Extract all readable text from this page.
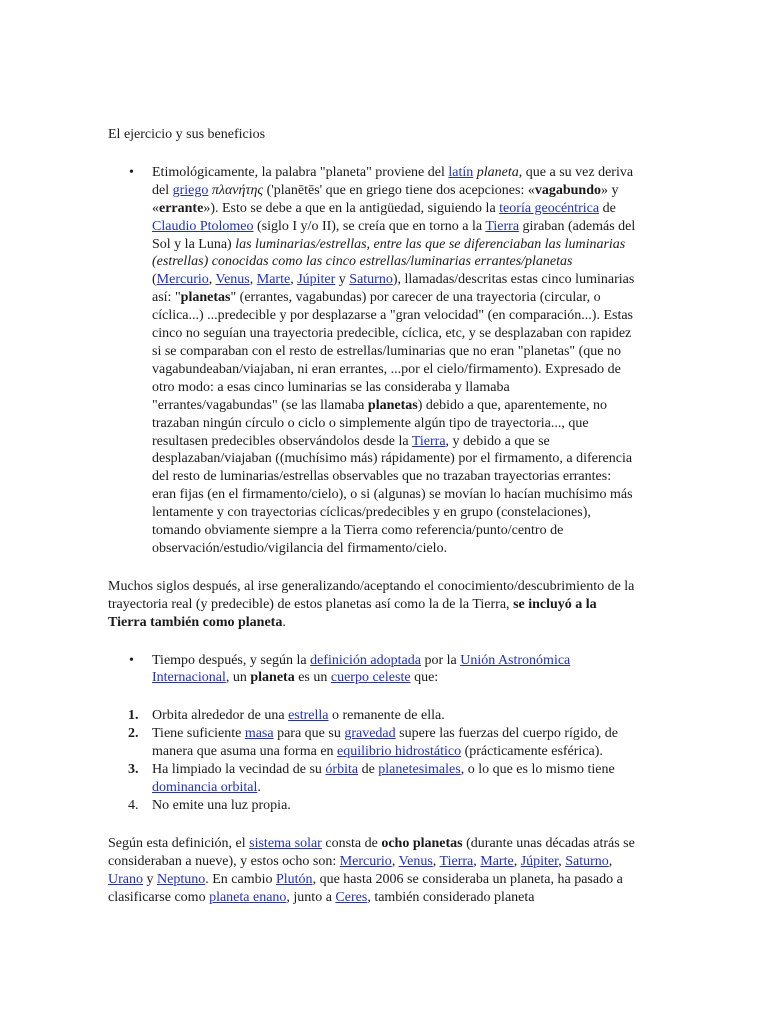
El ejercicio y sus beneficios
• Etimológicamente, la palabra "planeta" proviene del latín planeta, que a su vez deriva del griego πλανήτης ('planētēs' que en griego tiene dos acepciones: «vagabundo» y «errante»). Esto se debe a que en la antigüedad, siguiendo la teoría geocéntrica de Claudio Ptolomeo (siglo I y/o II), se creía que en torno a la Tierra giraban (además del Sol y la Luna) las luminarias/estrellas, entre las que se diferenciaban las luminarias (estrellas) conocidas como las cinco estrellas/luminarias errantes/planetas (Mercurio, Venus, Marte, Júpiter y Saturno), llamadas/descritas estas cinco luminarias así: "planetas" (errantes, vagabundas) por carecer de una trayectoria (circular, o cíclica...) ...predecible y por desplazarse a "gran velocidad" (en comparación...). Estas cinco no seguían una trayectoria predecible, cíclica, etc, y se desplazaban con rapidez si se comparaban con el resto de estrellas/luminarias que no eran "planetas" (que no vagabundeaban/viajaban, ni eran errantes, ...por el cielo/firmamento). Expresado de otro modo: a esas cinco luminarias se las consideraba y llamaba "errantes/vagabundas" (se las llamaba planetas) debido a que, aparentemente, no trazaban ningún círculo o ciclo o simplemente algún tipo de trayectoria..., que resultasen predecibles observándolos desde la Tierra, y debido a que se desplazaban/viajaban ((muchísimo más) rápidamente) por el firmamento, a diferencia del resto de luminarias/estrellas observables que no trazaban trayectorias errantes: eran fijas (en el firmamento/cielo), o si (algunas) se movían lo hacían muchísimo más lentamente y con trayectorias cíclicas/predecibles y en grupo (constelaciones), tomando obviamente siempre a la Tierra como referencia/punto/centro de observación/estudio/vigilancia del firmamento/cielo.

Muchos siglos después, al irse generalizando/aceptando el conocimiento/descubrimiento de la trayectoria real (y predecible) de estos planetas así como la de la Tierra, se incluyó a la Tierra también como planeta.

• Tiempo después, y según la definición adoptada por la Unión Astronómica Internacional, un planeta es un cuerpo celeste que:
1. Orbita alrededor de una estrella o remanente de ella.
2. Tiene suficiente masa para que su gravedad supere las fuerzas del cuerpo rígido, de manera que asuma una forma en equilibrio hidrostático (prácticamente esférica).
3. Ha limpiado la vecindad de su órbita de planetesimales, o lo que es lo mismo tiene dominancia orbital.
4. No emite una luz propia.

Según esta definición, el sistema solar consta de ocho planetas (durante unas décadas atrás se consideraban a nueve), y estos ocho son: Mercurio, Venus, Tierra, Marte, Júpiter, Saturno, Urano y Neptuno. En cambio Plutón, que hasta 2006 se consideraba un planeta, ha pasado a clasificarse como planeta enano, junto a Ceres, también considerado planeta
